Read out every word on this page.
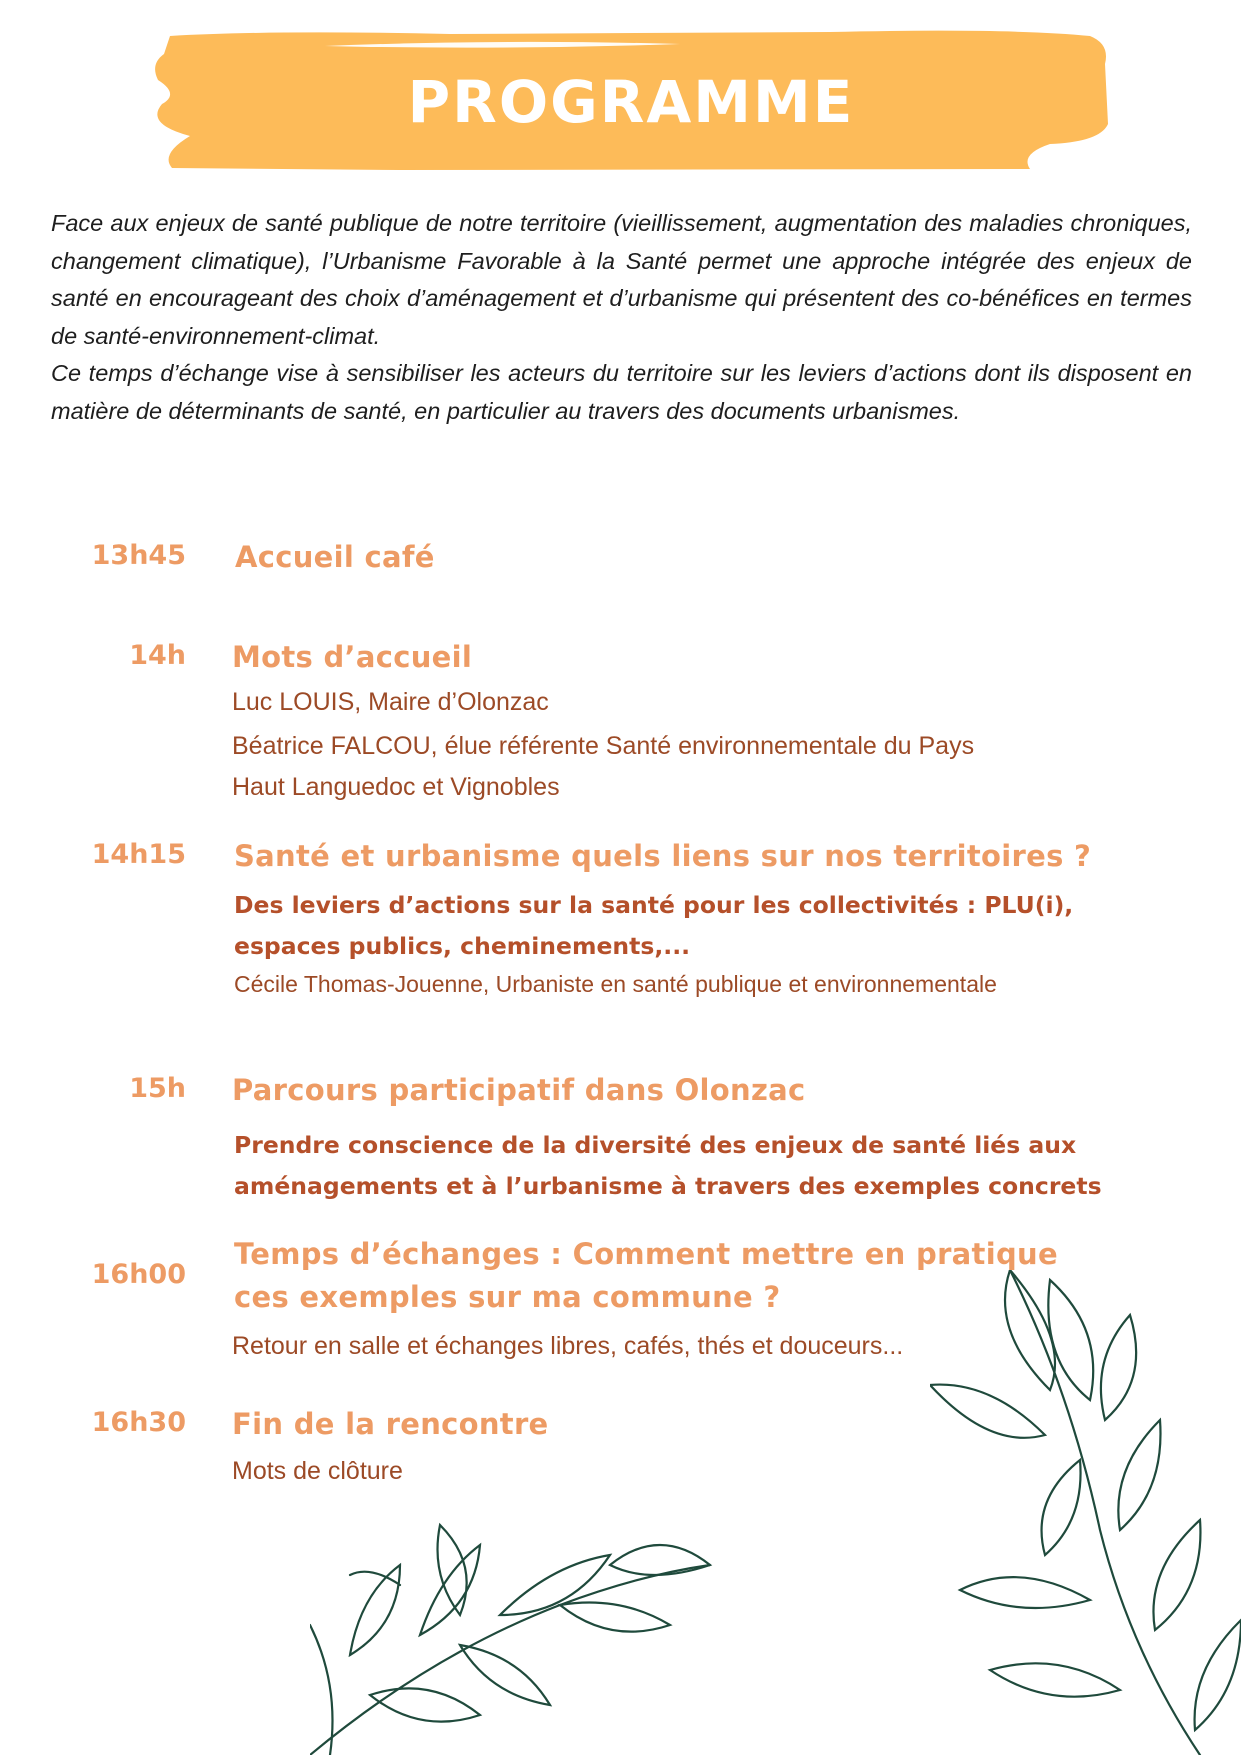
PROGRAMME

Face aux enjeux de santé publique de notre territoire (vieillissement, augmentation des maladies chroniques, changement climatique), l’Urbanisme Favorable à la Santé permet une approche intégrée des enjeux de santé en encourageant des choix d’aménagement et d’urbanisme qui présentent des co-bénéfices en termes de santé-environnement-climat.

Ce temps d’échange vise à sensibiliser les acteurs du territoire sur les leviers d’actions dont ils disposent en matière de déterminants de santé, en particulier au travers des documents urbanismes.

13h45 Accueil café
14h Mots d’accueil
Luc LOUIS, Maire d’Olonzac
Béatrice FALCOU, élue référente Santé environnementale du Pays
Haut Languedoc et Vignobles
14h15 Santé et urbanisme quels liens sur nos territoires ?
Des leviers d’actions sur la santé pour les collectivités : PLU(i),
espaces publics, cheminements,...
Cécile Thomas-Jouenne, Urbaniste en santé publique et environnementale
15h Parcours participatif dans Olonzac
Prendre conscience de la diversité des enjeux de santé liés aux
aménagements et à l’urbanisme à travers des exemples concrets
16h00
Temps d’échanges : Comment mettre en pratique
ces exemples sur ma commune ?
Retour en salle et échanges libres, cafés, thés et douceurs...
16h30 Fin de la rencontre
Mots de clôture
